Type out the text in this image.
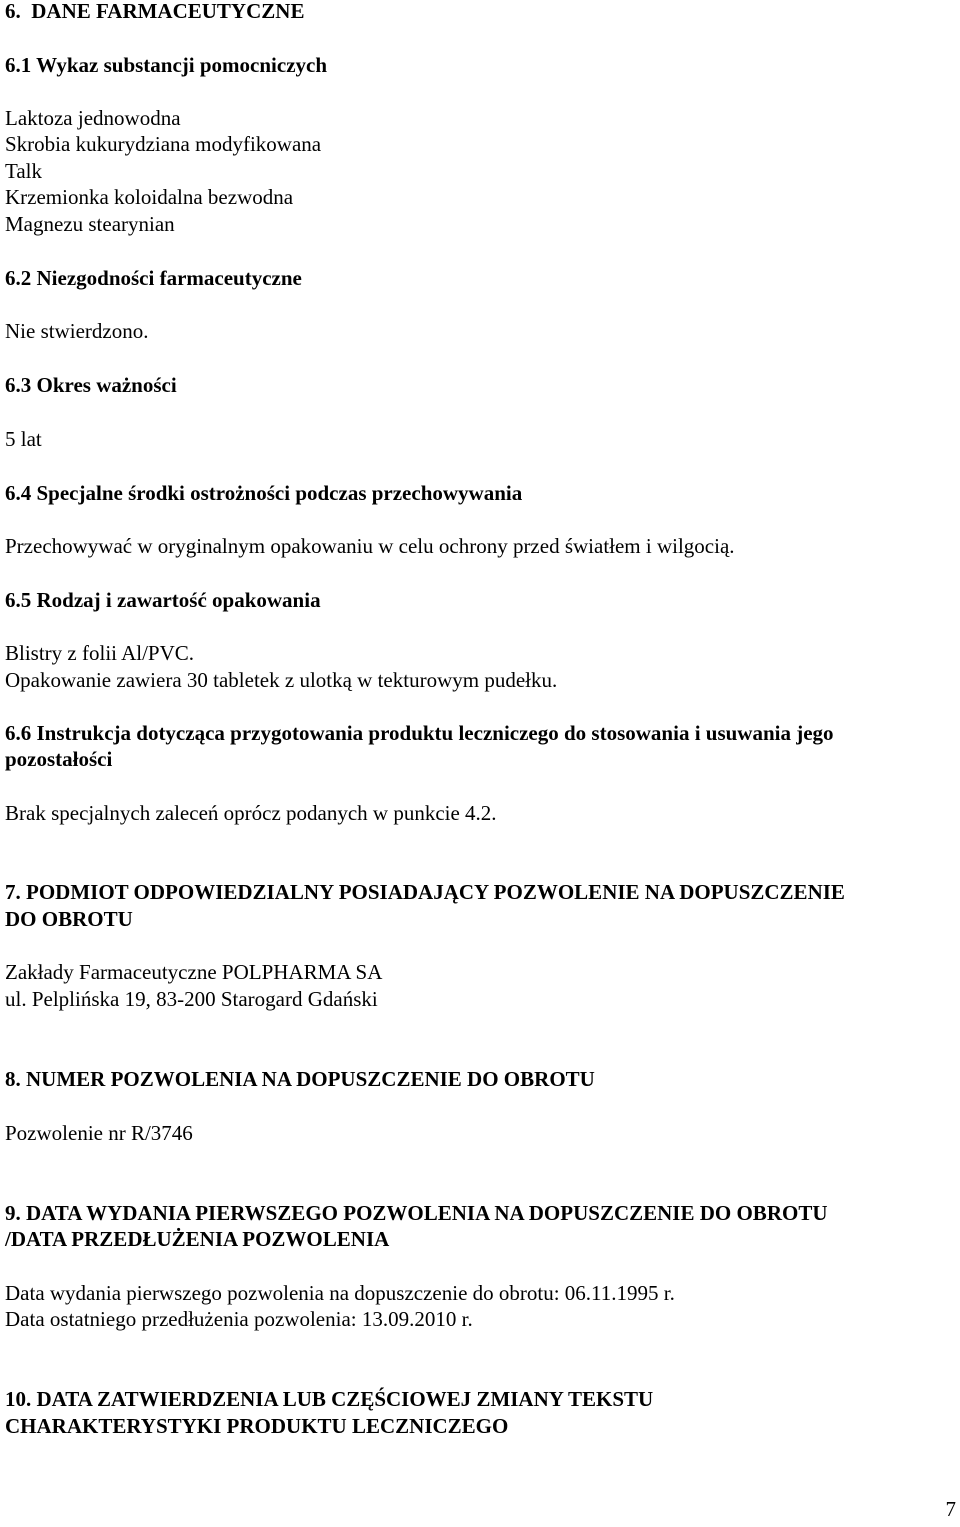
6.  DANE FARMACEUTYCZNE
6.1 Wykaz substancji pomocniczych

Laktoza jednowodna

Skrobia kukurydziana modyfikowana

Talk

Krzemionka koloidalna bezwodna

Magnezu stearynian

6.2 Niezgodności farmaceutyczne

Nie stwierdzono.

6.3 Okres ważności

5 lat

6.4 Specjalne środki ostrożności podczas przechowywania

Przechowywać w oryginalnym opakowaniu w celu ochrony przed światłem i wilgocią.

6.5 Rodzaj i zawartość opakowania

Blistry z folii Al/PVC.

Opakowanie zawiera 30 tabletek z ulotką w tekturowym pudełku.

6.6 Instrukcja dotycząca przygotowania produktu leczniczego do stosowania i usuwania jego
pozostałości

Brak specjalnych zaleceń oprócz podanych w punkcie 4.2.

7. PODMIOT ODPOWIEDZIALNY POSIADAJĄCY POZWOLENIE NA DOPUSZCZENIE
DO OBROTU

Zakłady Farmaceutyczne POLPHARMA SA

ul. Pelplińska 19, 83-200 Starogard Gdański

8. NUMER POZWOLENIA NA DOPUSZCZENIE DO OBROTU

Pozwolenie nr R/3746

9. DATA WYDANIA PIERWSZEGO POZWOLENIA NA DOPUSZCZENIE DO OBROTU
/DATA PRZEDŁUŻENIA POZWOLENIA

Data wydania pierwszego pozwolenia na dopuszczenie do obrotu: 06.11.1995 r.

Data ostatniego przedłużenia pozwolenia: 13.09.2010 r.

10. DATA ZATWIERDZENIA LUB CZĘŚCIOWEJ ZMIANY TEKSTU
CHARAKTERYSTYKI PRODUKTU LECZNICZEGO
7
